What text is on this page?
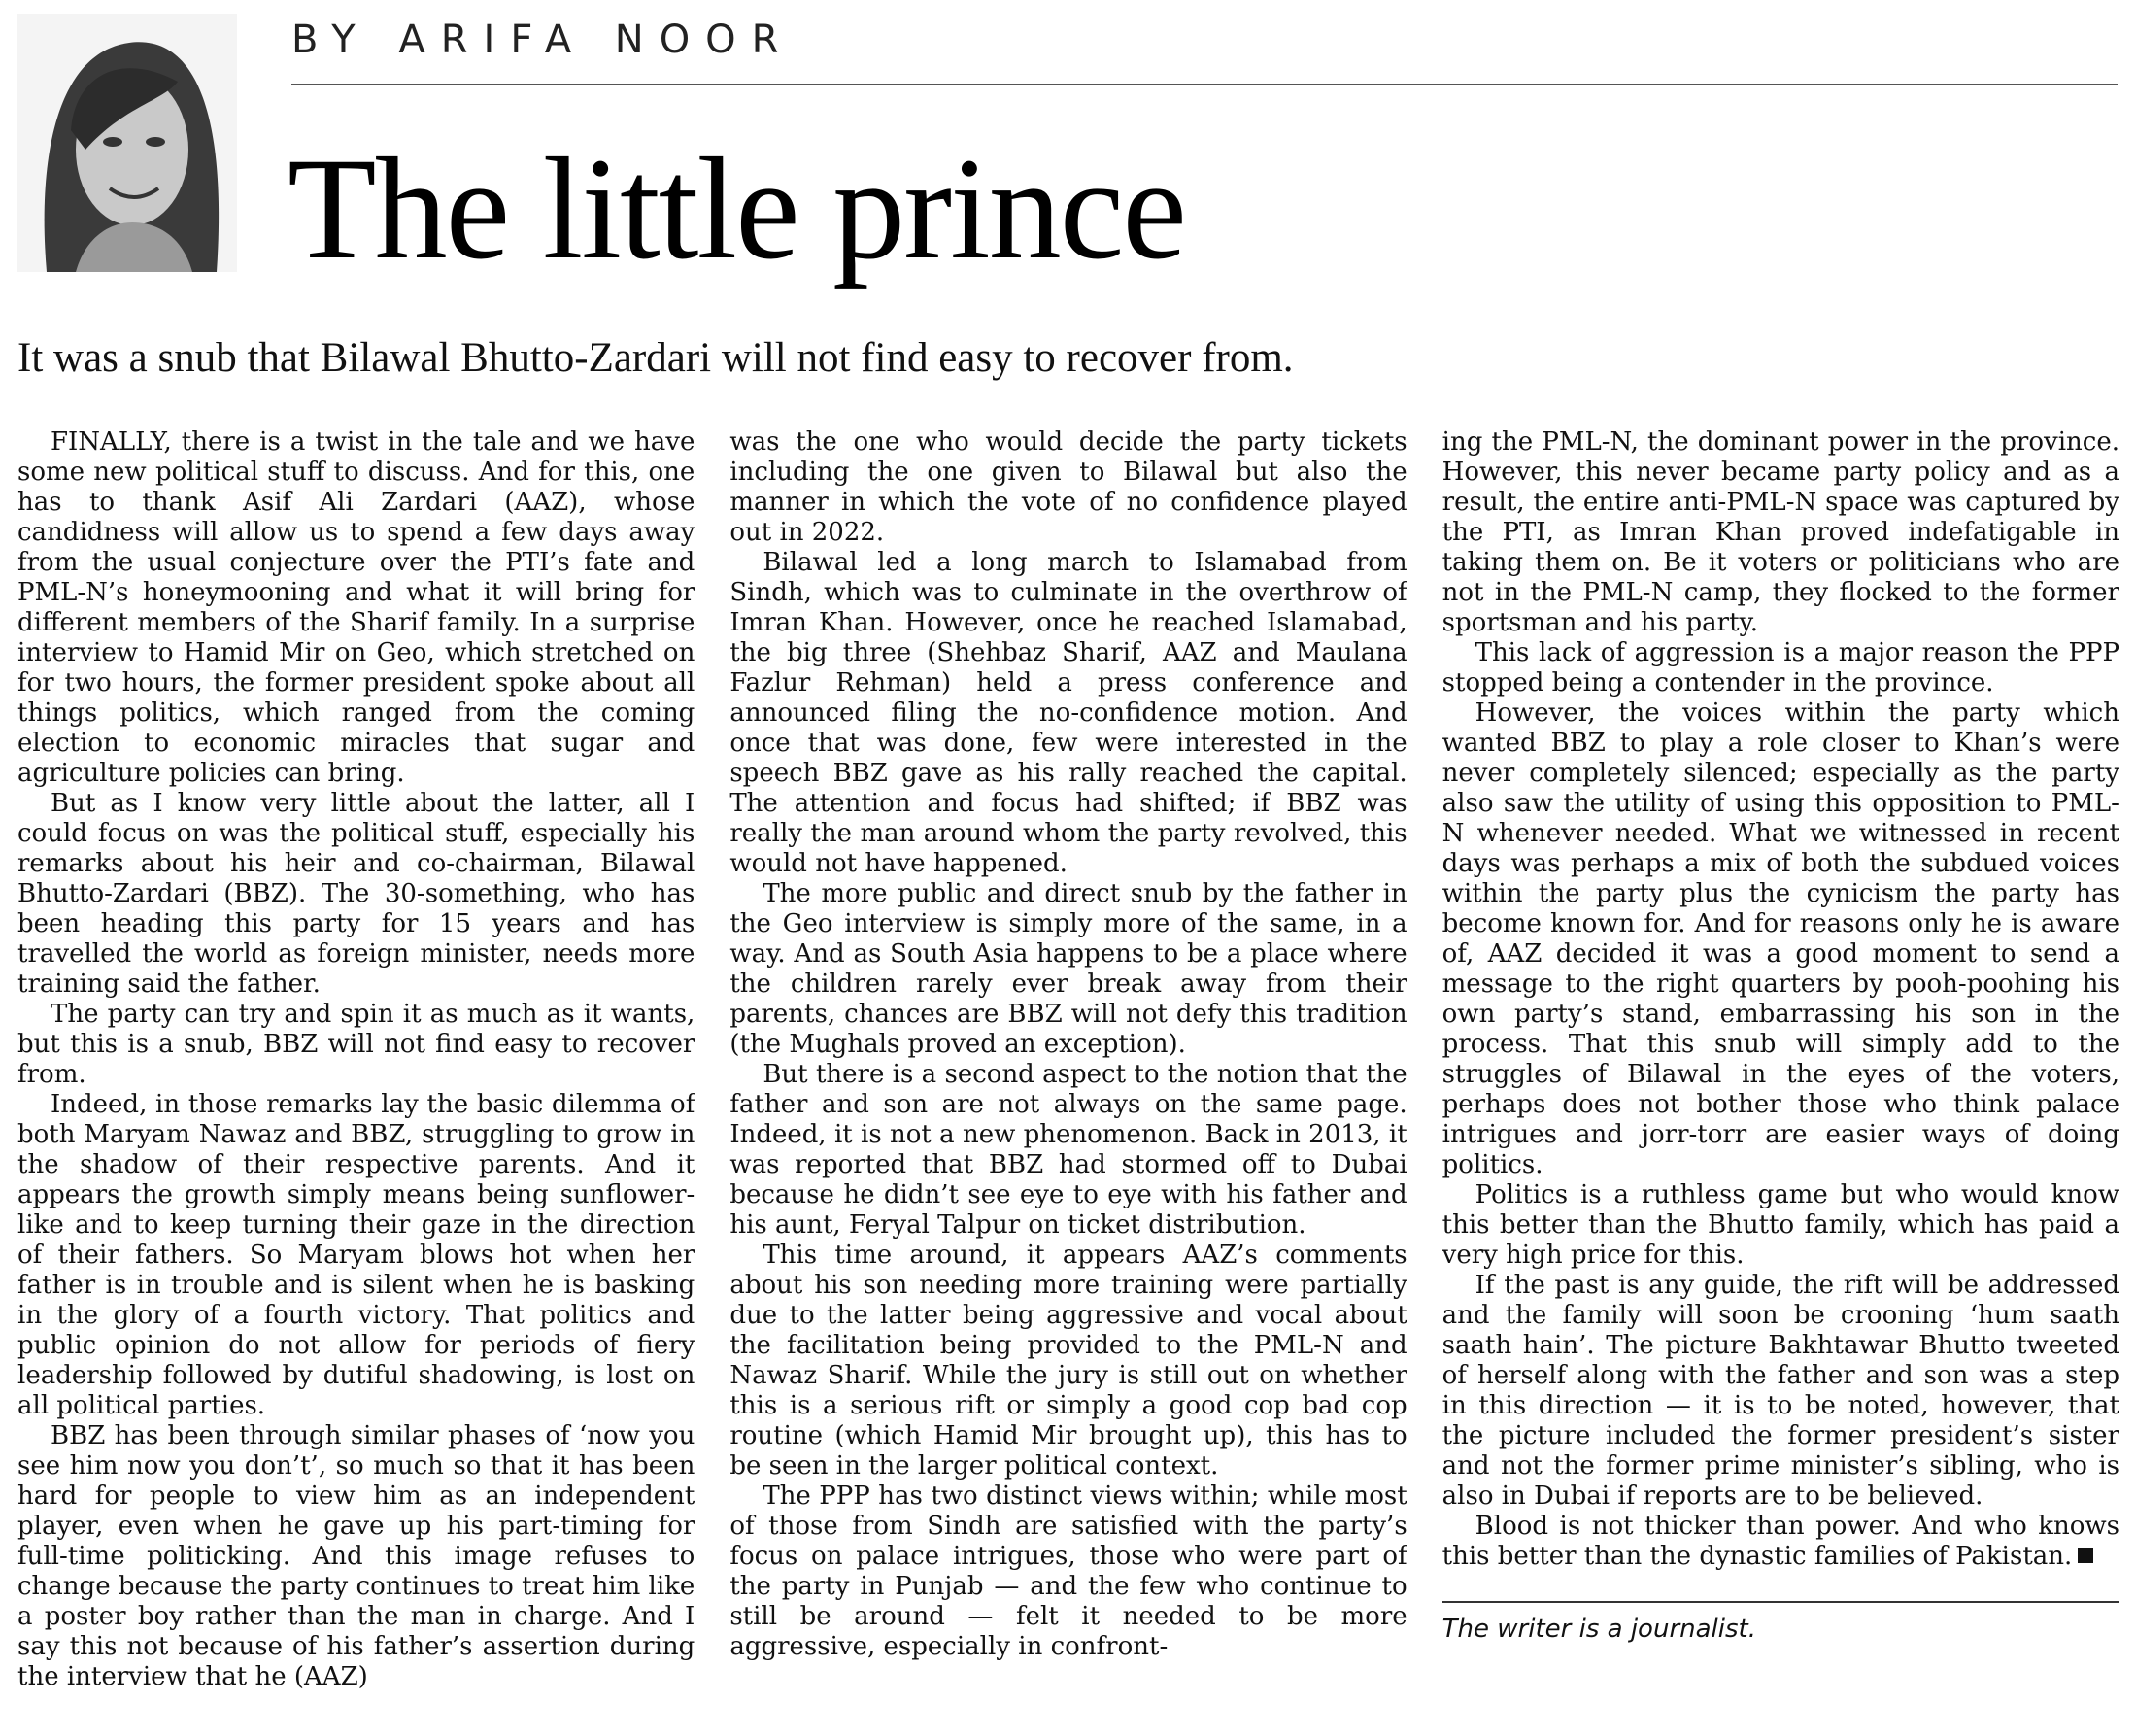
BY ARIFA NOOR
The little prince
It was a snub that Bilawal Bhutto-Zardari will not find easy to recover from.

FINALLY, there is a twist in the tale and we have some new political stuff to discuss. And for this, one has to thank Asif Ali Zardari (AAZ), whose candidness will allow us to spend a few days away from the usual conjecture over the PTI’s fate and PML-N’s honeymooning and what it will bring for different members of the Sharif family. In a surprise interview to Hamid Mir on Geo, which stretched on for two hours, the former president spoke about all things politics, which ranged from the coming election to economic miracles that sugar and agriculture policies can bring.

But as I know very little about the latter, all I could focus on was the political stuff, especially his remarks about his heir and co-chairman, Bilawal Bhutto-Zardari (BBZ). The 30-something, who has been heading this party for 15 years and has travelled the world as foreign minister, needs more training said the father.

The party can try and spin it as much as it wants, but this is a snub, BBZ will not find easy to recover from.

Indeed, in those remarks lay the basic dilemma of both Maryam Nawaz and BBZ, struggling to grow in the shadow of their respective parents. And it appears the growth simply means being sunflower-like and to keep turning their gaze in the direction of their fathers. So Maryam blows hot when her father is in trouble and is silent when he is basking in the glory of a fourth victory. That politics and public opinion do not allow for periods of fiery leadership followed by dutiful shadowing, is lost on all political parties.

BBZ has been through similar phases of ‘now you see him now you don’t’, so much so that it has been hard for people to view him as an independent player, even when he gave up his part-timing for full-time politicking. And this image refuses to change because the party continues to treat him like a poster boy rather than the man in charge. And I say this not because of his father’s assertion during the interview that he (AAZ)

was the one who would decide the party tickets including the one given to Bilawal but also the manner in which the vote of no confidence played out in 2022.

Bilawal led a long march to Islamabad from Sindh, which was to culminate in the overthrow of Imran Khan. However, once he reached Islamabad, the big three (Shehbaz Sharif, AAZ and Maulana Fazlur Rehman) held a press conference and announced filing the no-confidence motion. And once that was done, few were interested in the speech BBZ gave as his rally reached the capital. The attention and focus had shifted; if BBZ was really the man around whom the party revolved, this would not have happened.

The more public and direct snub by the father in the Geo interview is simply more of the same, in a way. And as South Asia happens to be a place where the children rarely ever break away from their parents, chances are BBZ will not defy this tradition (the Mughals proved an exception).

But there is a second aspect to the notion that the father and son are not always on the same page. Indeed, it is not a new phenomenon. Back in 2013, it was reported that BBZ had stormed off to Dubai because he didn’t see eye to eye with his father and his aunt, Feryal Talpur on ticket distribution.

This time around, it appears AAZ’s comments about his son needing more training were partially due to the latter being aggressive and vocal about the facilitation being provided to the PML-N and Nawaz Sharif. While the jury is still out on whether this is a serious rift or simply a good cop bad cop routine (which Hamid Mir brought up), this has to be seen in the larger political context.

The PPP has two distinct views within; while most of those from Sindh are satisfied with the party’s focus on palace intrigues, those who were part of the party in Punjab — and the few who continue to still be around — felt it needed to be more aggressive, especially in confront-

ing the PML-N, the dominant power in the province. However, this never became party policy and as a result, the entire anti-PML-N space was captured by the PTI, as Imran Khan proved indefatigable in taking them on. Be it voters or politicians who are not in the PML-N camp, they flocked to the former sportsman and his party.

This lack of aggression is a major reason the PPP stopped being a contender in the province.

However, the voices within the party which wanted BBZ to play a role closer to Khan’s were never completely silenced; especially as the party also saw the utility of using this opposition to PML-N whenever needed. What we witnessed in recent days was perhaps a mix of both the subdued voices within the party plus the cynicism the party has become known for. And for reasons only he is aware of, AAZ decided it was a good moment to send a message to the right quarters by pooh-poohing his own party’s stand, embarrassing his son in the process. That this snub will simply add to the struggles of Bilawal in the eyes of the voters, perhaps does not bother those who think palace intrigues and jorr-torr are easier ways of doing politics.

Politics is a ruthless game but who would know this better than the Bhutto family, which has paid a very high price for this.

If the past is any guide, the rift will be addressed and the family will soon be crooning ‘hum saath saath hain’. The picture Bakhtawar Bhutto tweeted of herself along with the father and son was a step in this direction — it is to be noted, however, that the picture included the former president’s sister and not the former prime minister’s sibling, who is also in Dubai if reports are to be believed.

Blood is not thicker than power. And who knows this better than the dynastic families of Pakistan.

The writer is a journalist.
